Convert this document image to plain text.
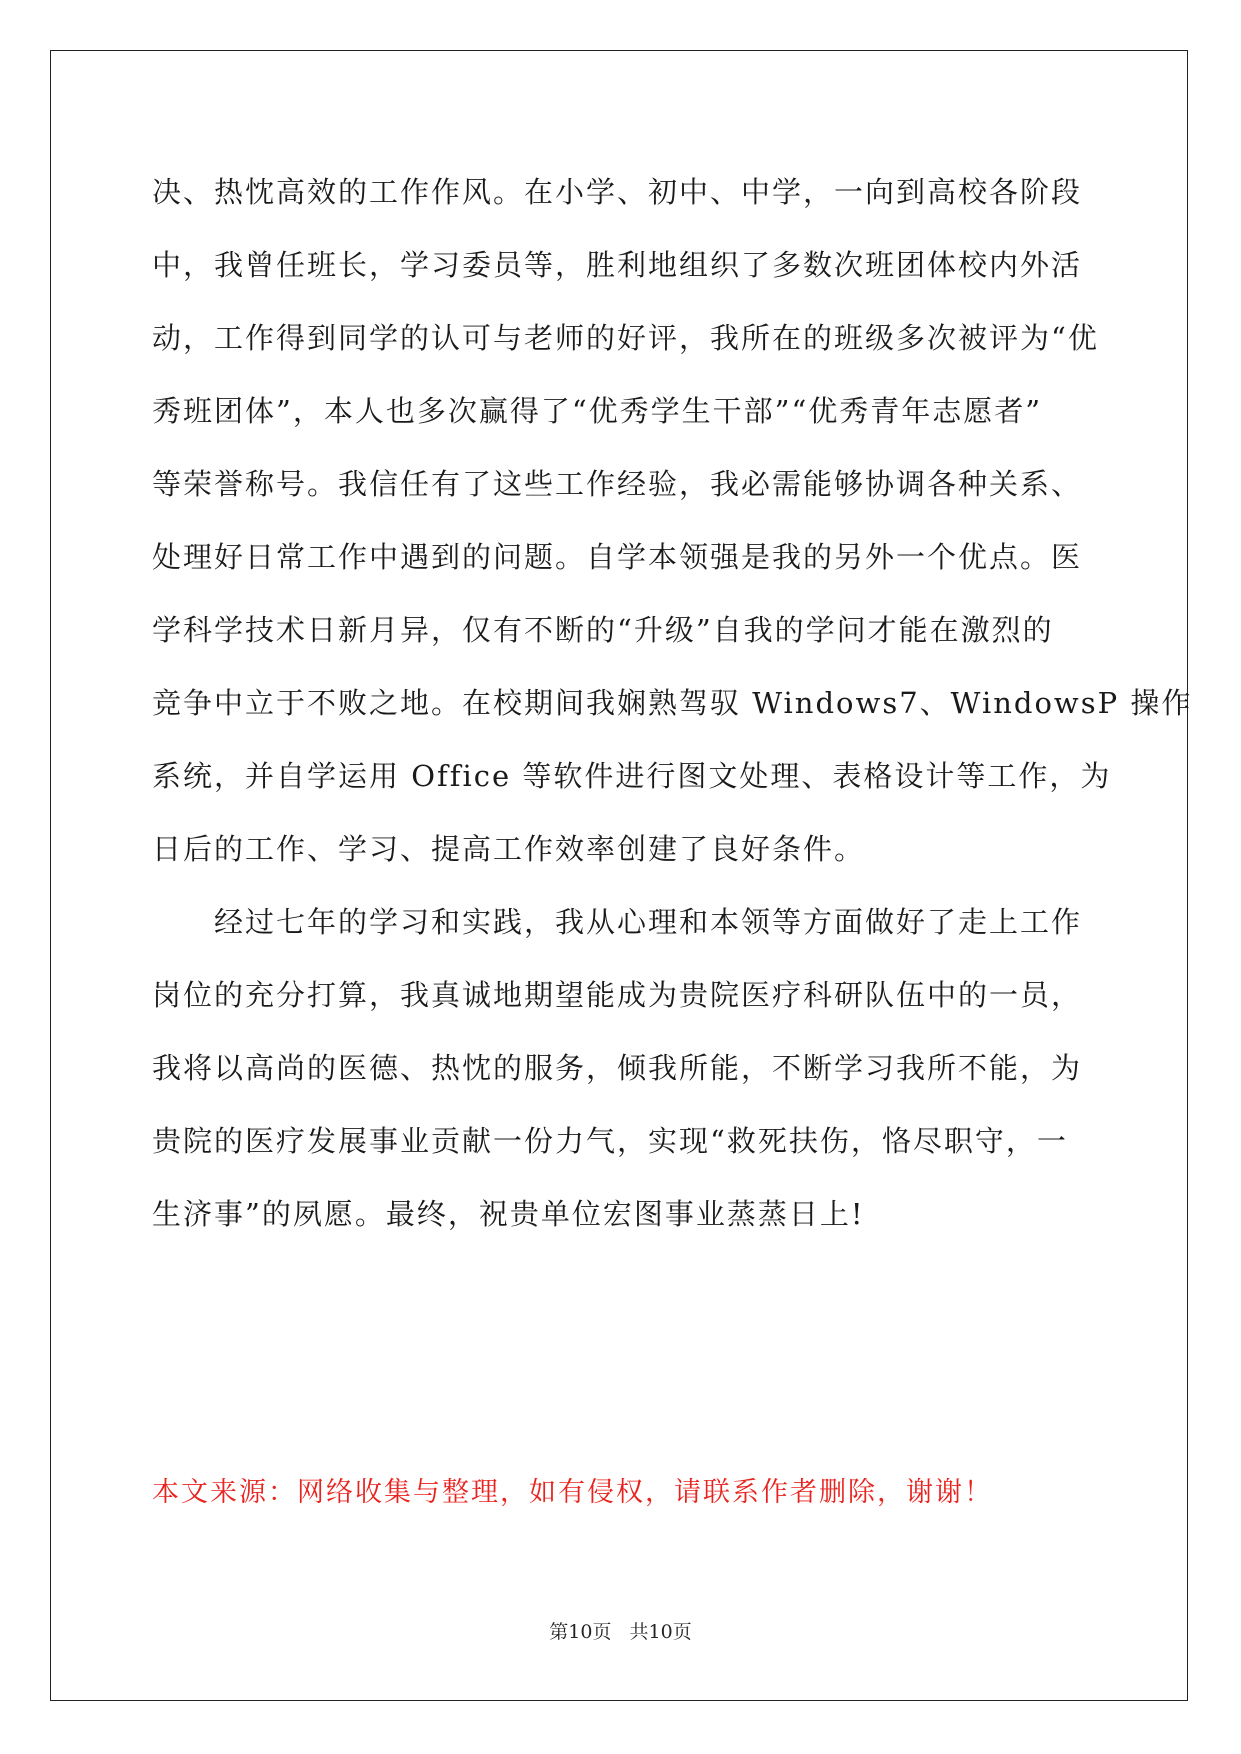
决、热忱高效的工作作风。在小学、初中、中学，一向到高校各阶段
中，我曾任班长，学习委员等，胜利地组织了多数次班团体校内外活
动，工作得到同学的认可与老师的好评，我所在的班级多次被评为“优
秀班团体”，本人也多次赢得了“优秀学生干部”“优秀青年志愿者”
等荣誉称号。我信任有了这些工作经验，我必需能够协调各种关系、
处理好日常工作中遇到的问题。自学本领强是我的另外一个优点。医
学科学技术日新月异，仅有不断的“升级”自我的学问才能在激烈的
竞争中立于不败之地。在校期间我娴熟驾驭 Windows7、WindowsP 操作
系统，并自学运用 Office 等软件进行图文处理、表格设计等工作，为
日后的工作、学习、提高工作效率创建了良好条件。
经过七年的学习和实践，我从心理和本领等方面做好了走上工作
岗位的充分打算，我真诚地期望能成为贵院医疗科研队伍中的一员，
我将以高尚的医德、热忱的服务，倾我所能，不断学习我所不能，为
贵院的医疗发展事业贡献一份力气，实现“救死扶伤，恪尽职守，一
生济事”的夙愿。最终，祝贵单位宏图事业蒸蒸日上!
本文来源：网络收集与整理，如有侵权，请联系作者删除，谢谢！
第10页 共10页
